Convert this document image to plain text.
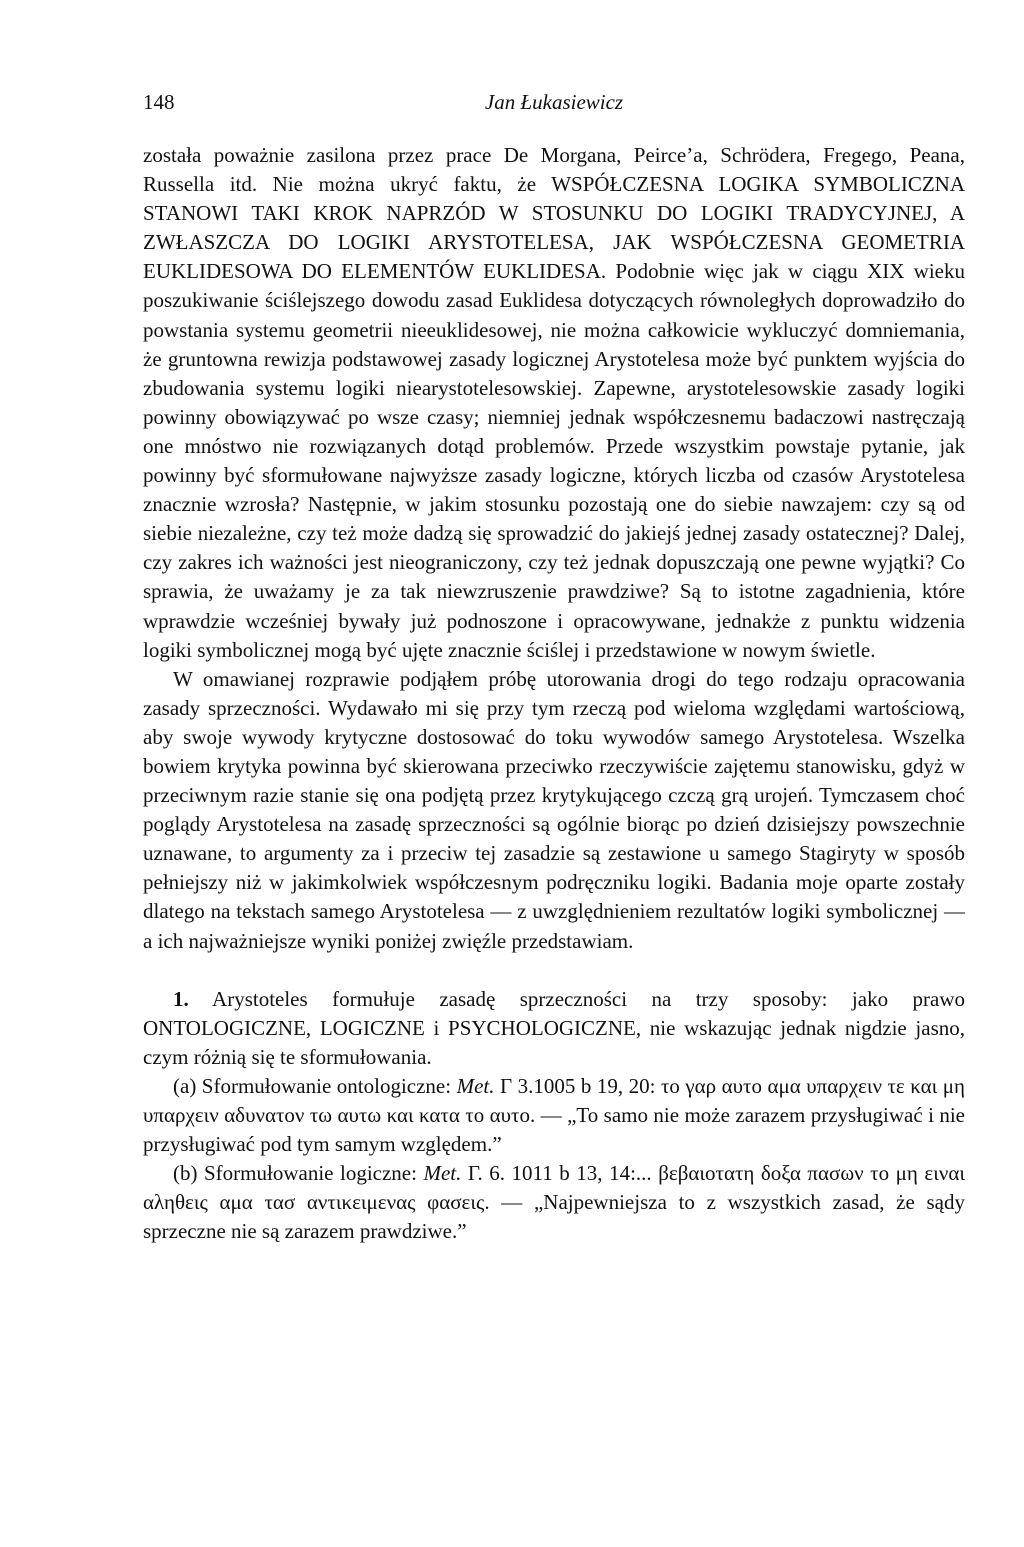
148	Jan Łukasiewicz

została poważnie zasilona przez prace De Morgana, Peirce’a, Schrödera, Fregego, Peana, Russella itd. Nie można ukryć faktu, że WSPÓŁCZESNA LOGIKA SYMBOLICZNA STANOWI TAKI KROK NAPRZÓD W STOSUNKU DO LOGIKI TRADYCYJNEJ, A ZWŁASZCZA DO LOGIKI ARYSTOTELESA, JAK WSPÓŁCZESNA GEOMETRIA EUKLIDESOWA DO ELEMENTÓW EUKLIDESA. Podobnie więc jak w ciągu XIX wieku poszukiwanie ściślejszego dowodu zasad Euklidesa dotyczących równoległych doprowadziło do powstania systemu geometrii nieeuklidesowej, nie można całkowicie wykluczyć domniemania, że gruntowna rewizja podstawowej zasady logicznej Arystotelesa może być punktem wyjścia do zbudowania systemu logiki niearystotelesowskiej. Zapewne, arystotelesowskie zasady logiki powinny obowiązywać po wsze czasy; niemniej jednak współczesnemu badaczowi nastręczają one mnóstwo nie rozwiązanych dotąd problemów. Przede wszystkim powstaje pytanie, jak powinny być sformułowane najwyższe zasady logiczne, których liczba od czasów Arystotelesa znacznie wzrosła? Następnie, w jakim stosunku pozostają one do siebie nawzajem: czy są od siebie niezależne, czy też może dadzą się sprowadzić do jakiejś jednej zasady ostatecznej? Dalej, czy zakres ich ważności jest nieograniczony, czy też jednak dopuszczają one pewne wyjątki? Co sprawia, że uważamy je za tak niewzruszenie prawdziwe? Są to istotne zagadnienia, które wprawdzie wcześniej bywały już podnoszone i opracowywane, jednakże z punktu widzenia logiki symbolicznej mogą być ujęte znacznie ściślej i przedstawione w nowym świetle.

W omawianej rozprawie podjąłem próbę utorowania drogi do tego rodzaju opracowania zasady sprzeczności. Wydawało mi się przy tym rzeczą pod wieloma względami wartościową, aby swoje wywody krytyczne dostosować do toku wywodów samego Arystotelesa. Wszelka bowiem krytyka powinna być skierowana przeciwko rzeczywiście zajętemu stanowisku, gdyż w przeciwnym razie stanie się ona podjętą przez krytykującego czczą grą urojeń. Tymczasem choć poglądy Arystotelesa na zasadę sprzeczności są ogólnie biorąc po dzień dzisiejszy powszechnie uznawane, to argumenty za i przeciw tej zasadzie są zestawione u samego Stagiryty w sposób pełniejszy niż w jakimkolwiek współczesnym podręczniku logiki. Badania moje oparte zostały dlatego na tekstach samego Arystotelesa — z uwzględnieniem rezultatów logiki symbolicznej — a ich najważniejsze wyniki poniżej zwięźle przedstawiam.

1. Arystoteles formułuje zasadę sprzeczności na trzy sposoby: jako prawo ONTOLOGICZNE, LOGICZNE i PSYCHOLOGICZNE, nie wskazując jednak nigdzie jasno, czym różnią się te sformułowania.

(a) Sformułowanie ontologiczne: Met. Γ 3.1005 b 19, 20: το γαρ αυτο αμα υπαρχειν τε και μη υπαρχειν αδυνατον τω αυτω και κατα το αυτο. — „To samo nie może zarazem przysługiwać i nie przysługiwać pod tym samym względem.”

(b) Sformułowanie logiczne: Met. Γ. 6. 1011 b 13, 14:... βεβαιοτατη δοξα πασων το μη ειναι αληθεις αμα τασ αντικειμενας φασεις. — „Najpewniejsza to z wszystkich zasad, że sądy sprzeczne nie są zarazem prawdziwe.”
